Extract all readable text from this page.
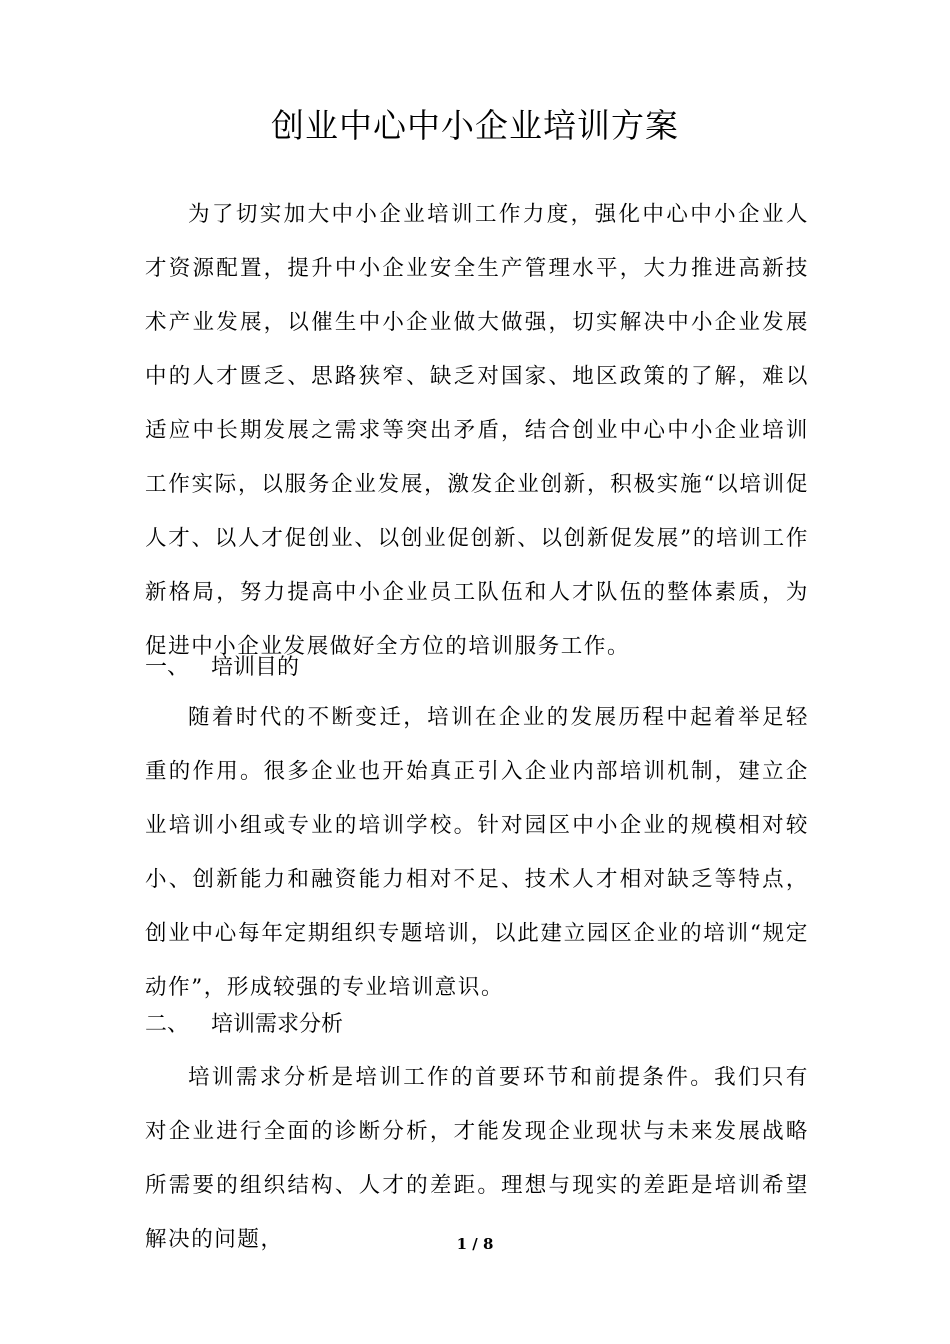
创业中心中小企业培训方案

为了切实加大中小企业培训工作力度，强化中心中小企业人才资源配置，提升中小企业安全生产管理水平，大力推进高新技术产业发展，以催生中小企业做大做强，切实解决中小企业发展中的人才匮乏、思路狭窄、缺乏对国家、地区政策的了解，难以适应中长期发展之需求等突出矛盾，结合创业中心中小企业培训工作实际，以服务企业发展，激发企业创新，积极实施“以培训促人才、以人才促创业、以创业促创新、以创新促发展”的培训工作新格局，努力提高中小企业员工队伍和人才队伍的整体素质，为促进中小企业发展做好全方位的培训服务工作。

一、 培训目的

随着时代的不断变迁，培训在企业的发展历程中起着举足轻重的作用。很多企业也开始真正引入企业内部培训机制，建立企业培训小组或专业的培训学校。针对园区中小企业的规模相对较小、创新能力和融资能力相对不足、技术人才相对缺乏等特点，创业中心每年定期组织专题培训，以此建立园区企业的培训“规定动作”，形成较强的专业培训意识。

二、 培训需求分析

培训需求分析是培训工作的首要环节和前提条件。我们只有对企业进行全面的诊断分析，才能发现企业现状与未来发展战略所需要的组织结构、人才的差距。理想与现实的差距是培训希望解决的问题，	1 / 8
